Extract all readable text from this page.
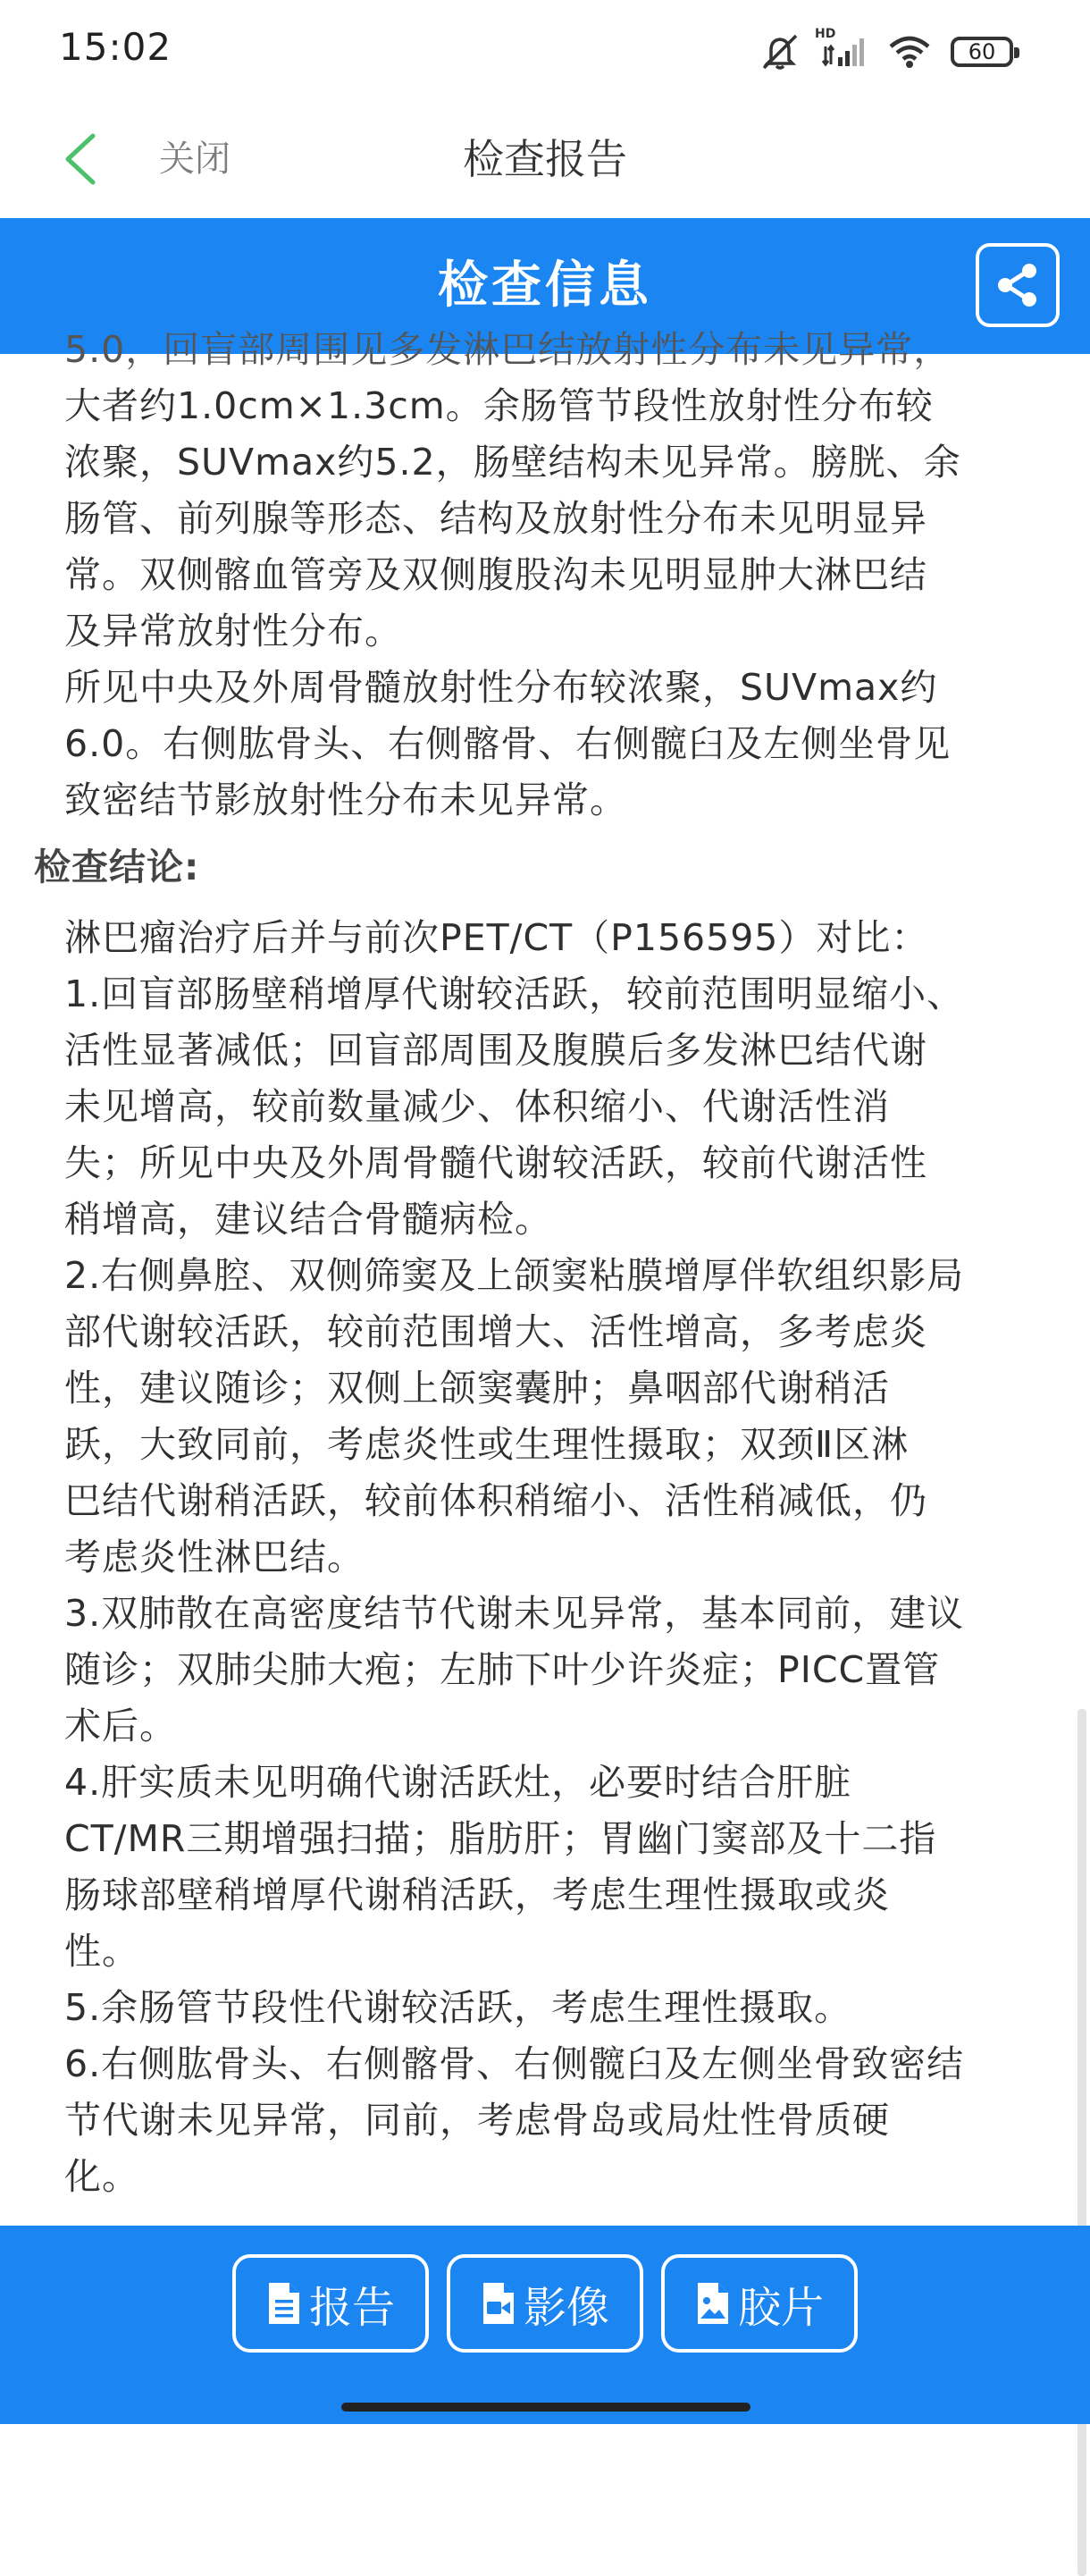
15:02	HD
60
关闭	检查报告
检查信息

5.0，回盲部周围见多发淋巴结放射性分布未见异常，

大者约1.0cm×1.3cm。余肠管节段性放射性分布较

浓聚，SUVmax约5.2，肠壁结构未见异常。膀胱、余

肠管、前列腺等形态、结构及放射性分布未见明显异

常。双侧髂血管旁及双侧腹股沟未见明显肿大淋巴结

及异常放射性分布。

所见中央及外周骨髓放射性分布较浓聚，SUVmax约

6.0。右侧肱骨头、右侧髂骨、右侧髋臼及左侧坐骨见

致密结节影放射性分布未见异常。

检查结论:

淋巴瘤治疗后并与前次PET/CT（P156595）对比：

1.回盲部肠壁稍增厚代谢较活跃，较前范围明显缩小、

活性显著减低；回盲部周围及腹膜后多发淋巴结代谢

未见增高，较前数量减少、体积缩小、代谢活性消

失；所见中央及外周骨髓代谢较活跃，较前代谢活性

稍增高，建议结合骨髓病检。

2.右侧鼻腔、双侧筛窦及上颌窦粘膜增厚伴软组织影局

部代谢较活跃，较前范围增大、活性增高，多考虑炎

性，建议随诊；双侧上颌窦囊肿；鼻咽部代谢稍活

跃，大致同前，考虑炎性或生理性摄取；双颈Ⅱ区淋

巴结代谢稍活跃，较前体积稍缩小、活性稍减低，仍

考虑炎性淋巴结。

3.双肺散在高密度结节代谢未见异常，基本同前，建议

随诊；双肺尖肺大疱；左肺下叶少许炎症；PICC置管

术后。

4.肝实质未见明确代谢活跃灶，必要时结合肝脏

CT/MR三期增强扫描；脂肪肝；胃幽门窦部及十二指

肠球部壁稍增厚代谢稍活跃，考虑生理性摄取或炎

性。

5.余肠管节段性代谢较活跃，考虑生理性摄取。

6.右侧肱骨头、右侧髂骨、右侧髋臼及左侧坐骨致密结

节代谢未见异常，同前，考虑骨岛或局灶性骨质硬

化。

报告	影像	胶片
